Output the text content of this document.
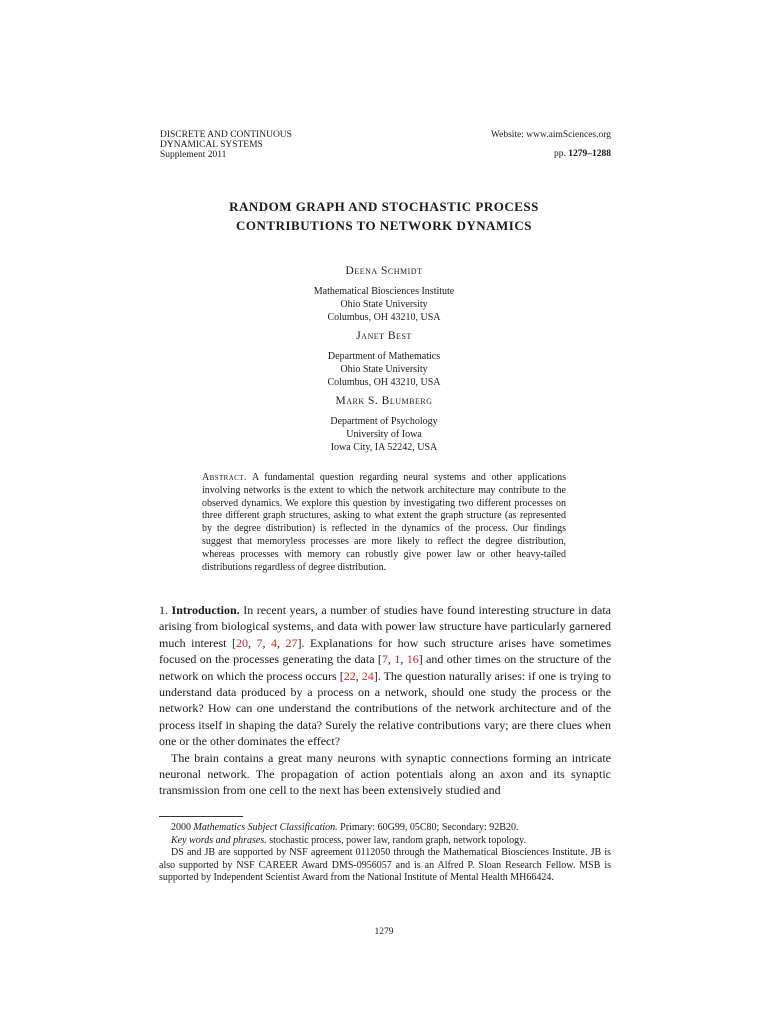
DISCRETE AND CONTINUOUS
DYNAMICAL SYSTEMS
Supplement 2011
Website: www.aimSciences.org
pp. 1279–1288
RANDOM GRAPH AND STOCHASTIC PROCESS
CONTRIBUTIONS TO NETWORK DYNAMICS
Deena Schmidt
Mathematical Biosciences Institute
Ohio State University
Columbus, OH 43210, USA
Janet Best
Department of Mathematics
Ohio State University
Columbus, OH 43210, USA
Mark S. Blumberg
Department of Psychology
University of Iowa
Iowa City, IA 52242, USA
Abstract. A fundamental question regarding neural systems and other applications involving networks is the extent to which the network architecture may contribute to the observed dynamics. We explore this question by investigating two different processes on three different graph structures, asking to what extent the graph structure (as represented by the degree distribution) is reflected in the dynamics of the process. Our findings suggest that memoryless processes are more likely to reflect the degree distribution, whereas processes with memory can robustly give power law or other heavy-tailed distributions regardless of degree distribution.

1. Introduction. In recent years, a number of studies have found interesting structure in data arising from biological systems, and data with power law structure have particularly garnered much interest [20, 7, 4, 27]. Explanations for how such structure arises have sometimes focused on the processes generating the data [7, 1, 16] and other times on the structure of the network on which the process occurs [22, 24]. The question naturally arises: if one is trying to understand data produced by a process on a network, should one study the process or the network? How can one understand the contributions of the network architecture and of the process itself in shaping the data? Surely the relative contributions vary; are there clues when one or the other dominates the effect?

The brain contains a great many neurons with synaptic connections forming an intricate neuronal network. The propagation of action potentials along an axon and its synaptic transmission from one cell to the next has been extensively studied and

2000 Mathematics Subject Classification. Primary: 60G99, 05C80; Secondary: 92B20.

Key words and phrases. stochastic process, power law, random graph, network topology.

DS and JB are supported by NSF agreement 0112050 through the Mathematical Biosciences Institute. JB is also supported by NSF CAREER Award DMS-0956057 and is an Alfred P. Sloan Research Fellow. MSB is supported by Independent Scientist Award from the National Institute of Mental Health MH66424.

1279
